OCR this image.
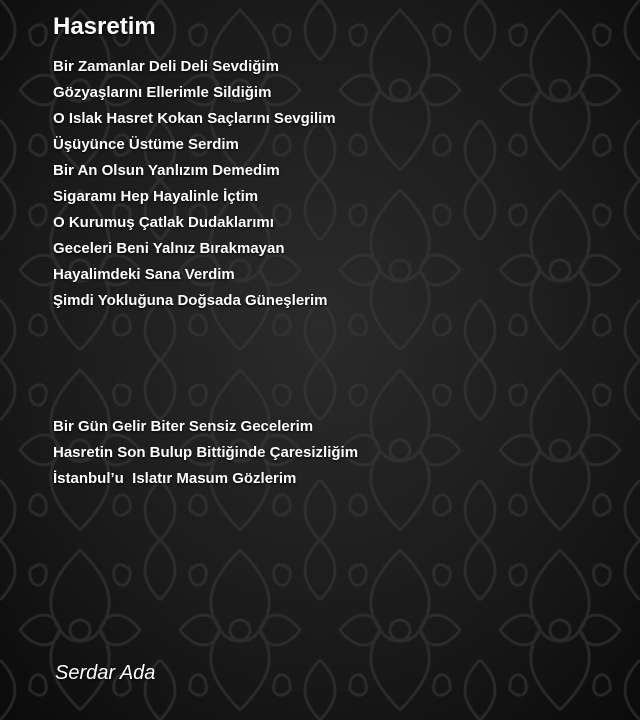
Hasretim
Bir Zamanlar Deli Deli Sevdiğim
Gözyaşlarını Ellerimle Sildiğim
O Islak Hasret Kokan Saçlarını Sevgilim
Üşüyünce Üstüme Serdim
Bir An Olsun Yanlızım Demedim
Sigaramı Hep Hayalinle İçtim
O Kurumuş Çatlak Dudaklarımı
Geceleri Beni Yalnız Bırakmayan
Hayalimdeki Sana Verdim
Şimdi Yokluğuna Doğsada Güneşlerim
Bir Gün Gelir Biter Sensiz Gecelerim
Hasretin Son Bulup Bittiğinde Çaresizliğim
İstanbul’u  Islatır Masum Gözlerim
Serdar Ada
